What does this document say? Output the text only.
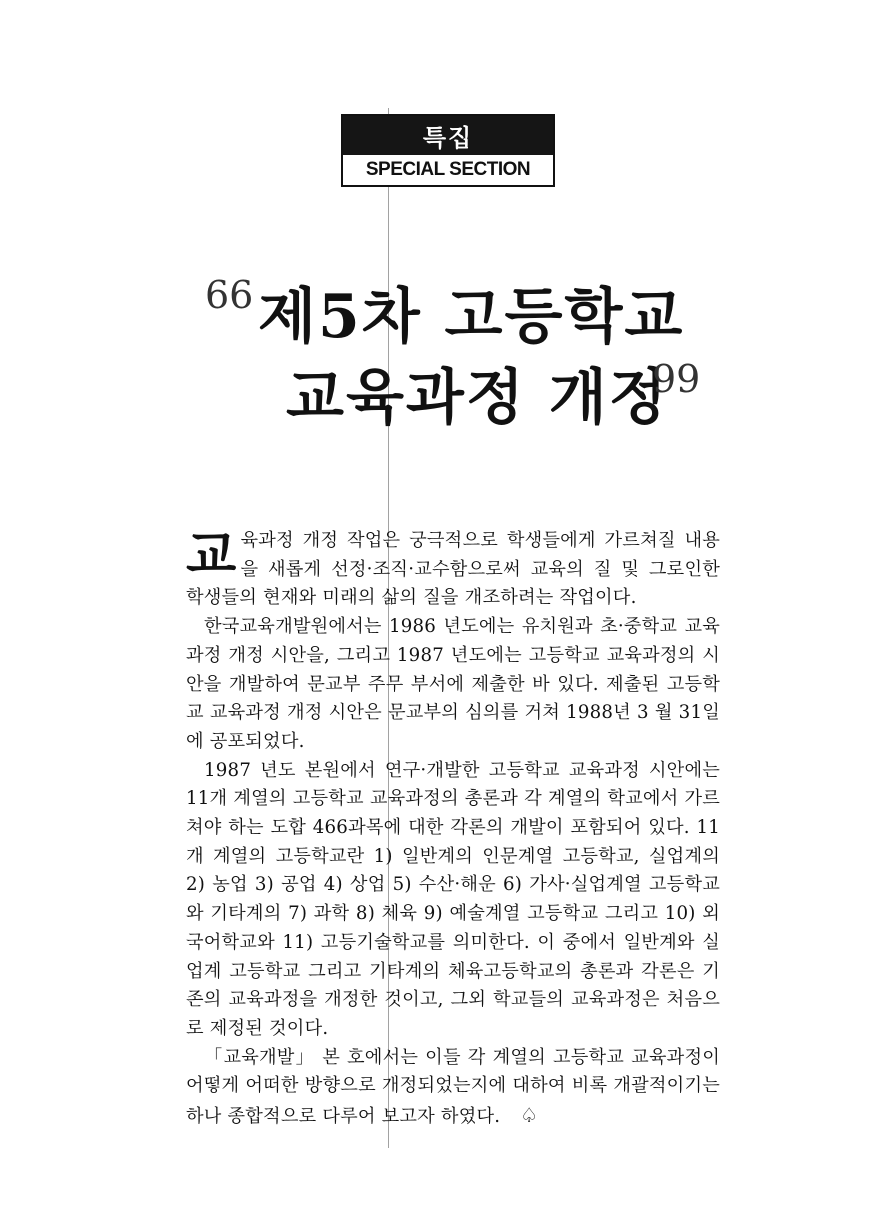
특집
SPECIAL SECTION
66 제5차 고등학교
교육과정 개정
99

교육과정 개정 작업은 궁극적으로 학생들에게 가르쳐질 내용을 새롭게 선정·조직·교수함으로써 교육의 질 및 그로인한 학생들의 현재와 미래의 삶의 질을 개조하려는 작업이다.

한국교육개발원에서는 1986 년도에는 유치원과 초·중학교 교육과정 개정 시안을, 그리고 1987 년도에는 고등학교 교육과정의 시안을 개발하여 문교부 주무 부서에 제출한 바 있다. 제출된 고등학교 교육과정 개정 시안은 문교부의 심의를 거쳐 1988년 3 월 31일에 공포되었다.

1987 년도 본원에서 연구·개발한 고등학교 교육과정 시안에는 11개 계열의 고등학교 교육과정의 총론과 각 계열의 학교에서 가르쳐야 하는 도합 466과목에 대한 각론의 개발이 포함되어 있다. 11개 계열의 고등학교란 1) 일반계의 인문계열 고등학교, 실업계의 2) 농업 3) 공업 4) 상업 5) 수산·해운 6) 가사·실업계열 고등학교와 기타계의 7) 과학 8) 체육 9) 예술계열 고등학교 그리고 10) 외국어학교와 11) 고등기술학교를 의미한다. 이 중에서 일반계와 실업계 고등학교 그리고 기타계의 체육고등학교의 총론과 각론은 기존의 교육과정을 개정한 것이고, 그외 학교들의 교육과정은 처음으로 제정된 것이다.

「교육개발」 본 호에서는 이들 각 계열의 고등학교 교육과정이 어떻게 어떠한 방향으로 개정되었는지에 대하여 비록 개괄적이기는 하나 종합적으로 다루어 보고자 하였다. ♤
